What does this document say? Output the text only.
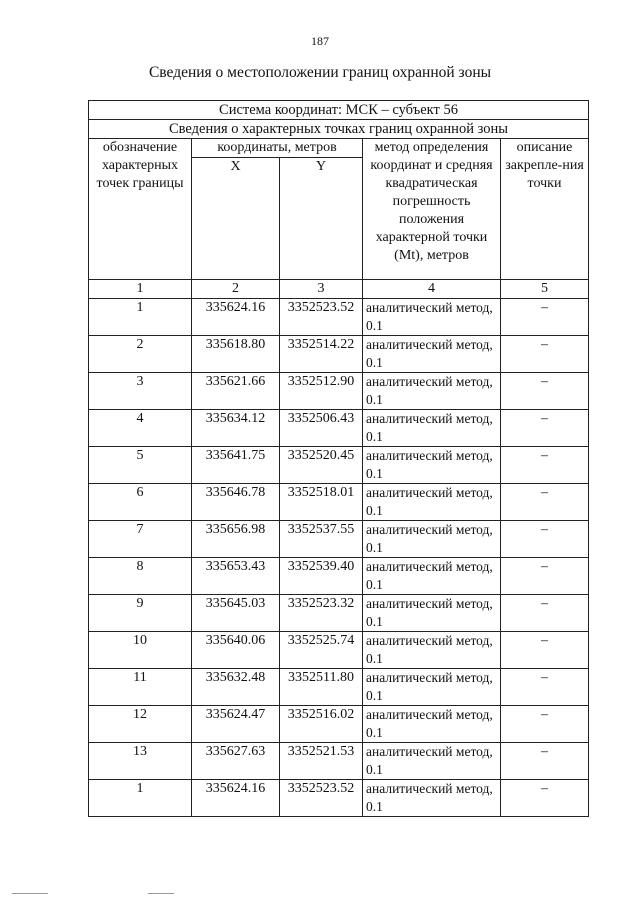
187
Сведения о местоположении границ охранной зоны
Система координат: МСК – субъект 56				
Сведения о характерных точках границ охранной зоны				
обозначение характерных точек границы	координаты, метров		метод определения координат и средняя квадратическая погрешность положения характерной точки (Mt), метров	описание закрепле-ния точки
	X	Y		
1	2	3	4	5
1	335624.16	3352523.52	аналитический метод, 0.1	–
2	335618.80	3352514.22	аналитический метод, 0.1	–
3	335621.66	3352512.90	аналитический метод, 0.1	–
4	335634.12	3352506.43	аналитический метод, 0.1	–
5	335641.75	3352520.45	аналитический метод, 0.1	–
6	335646.78	3352518.01	аналитический метод, 0.1	–
7	335656.98	3352537.55	аналитический метод, 0.1	–
8	335653.43	3352539.40	аналитический метод, 0.1	–
9	335645.03	3352523.32	аналитический метод, 0.1	–
10	335640.06	3352525.74	аналитический метод, 0.1	–
11	335632.48	3352511.80	аналитический метод, 0.1	–
12	335624.47	3352516.02	аналитический метод, 0.1	–
13	335627.63	3352521.53	аналитический метод, 0.1	–
1	335624.16	3352523.52	аналитический метод, 0.1	–
